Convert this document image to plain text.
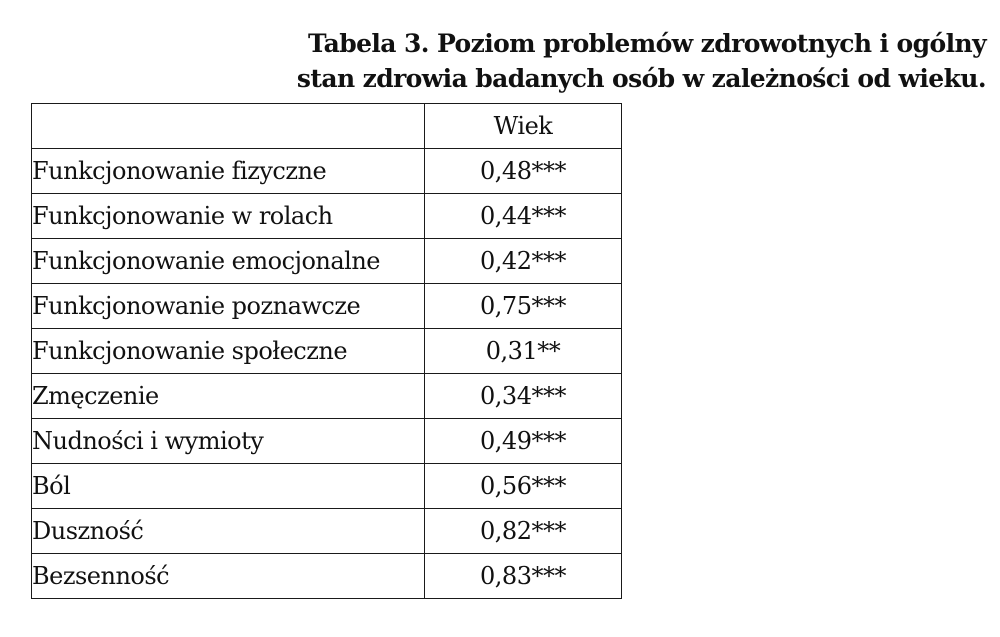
Tabela 3. Poziom problemów zdrowotnych i ogólny
stan zdrowia badanych osób w zależności od wieku.
	Wiek
Funkcjonowanie fizyczne	0,48***
Funkcjonowanie w rolach	0,44***
Funkcjonowanie emocjonalne	0,42***
Funkcjonowanie poznawcze	0,75***
Funkcjonowanie społeczne	0,31**
Zmęczenie	0,34***
Nudności i wymioty	0,49***
Ból	0,56***
Duszność	0,82***
Bezsenność	0,83***
